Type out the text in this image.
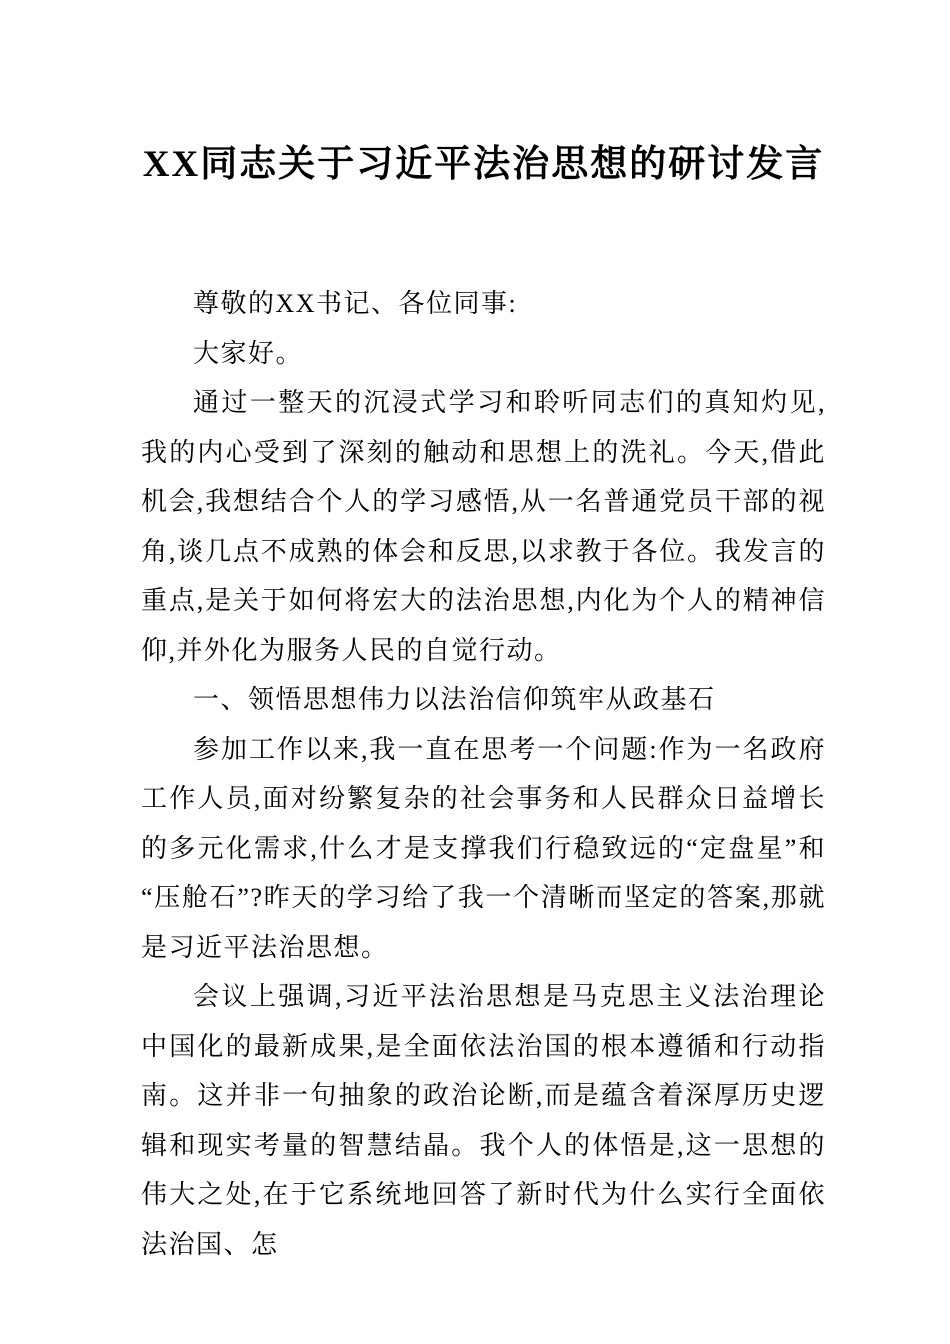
XX同志关于习近平法治思想的研讨发言

尊敬的XX书记、各位同事:

大家好。

通过一整天的沉浸式学习和聆听同志们的真知灼见,我的内心受到了深刻的触动和思想上的洗礼。今天,借此机会,我想结合个人的学习感悟,从一名普通党员干部的视角,谈几点不成熟的体会和反思,以求教于各位。我发言的重点,是关于如何将宏大的法治思想,内化为个人的精神信仰,并外化为服务人民的自觉行动。

一、领悟思想伟力以法治信仰筑牢从政基石

参加工作以来,我一直在思考一个问题:作为一名政府工作人员,面对纷繁复杂的社会事务和人民群众日益增长的多元化需求,什么才是支撑我们行稳致远的“定盘星”和“压舱石”?昨天的学习给了我一个清晰而坚定的答案,那就是习近平法治思想。

会议上强调,习近平法治思想是马克思主义法治理论中国化的最新成果,是全面依法治国的根本遵循和行动指南。这并非一句抽象的政治论断,而是蕴含着深厚历史逻辑和现实考量的智慧结晶。我个人的体悟是,这一思想的伟大之处,在于它系统地回答了新时代为什么实行全面依法治国、怎
